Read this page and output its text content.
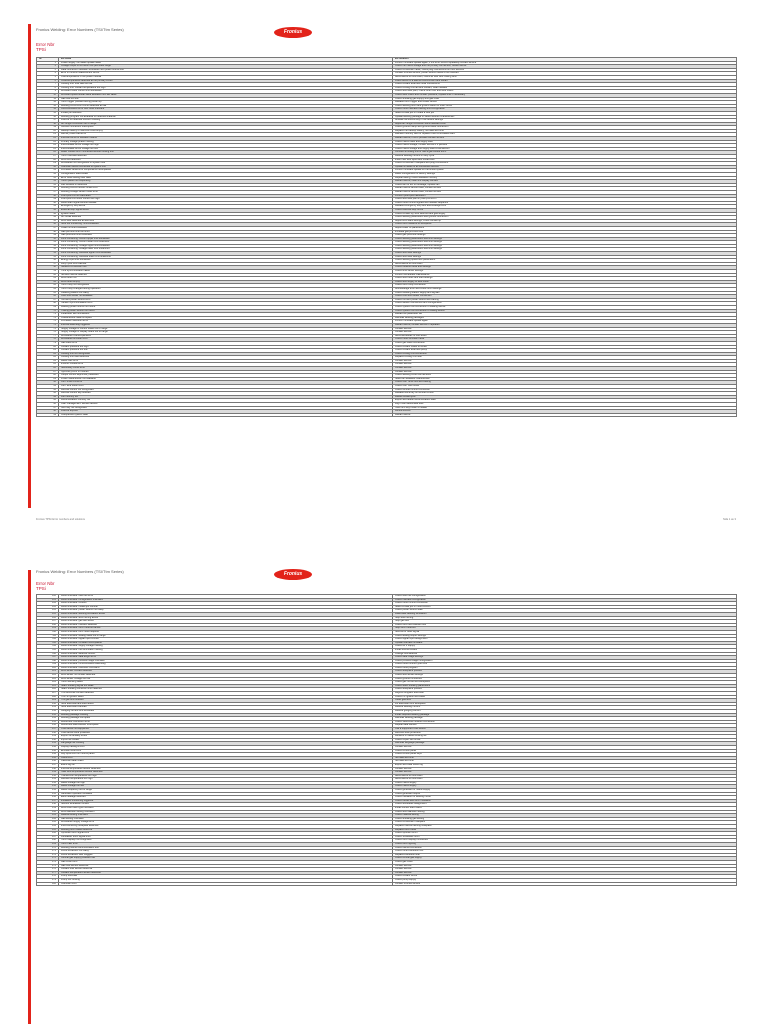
Fronius Welding: Error Numbers (TSI/Ttm Series)	Fronius
Error Nbr
TPSi
Nr	EN Issue	EN Solution
1	Power supply: Firmware update failed	Perform firmware update again; if the error occurs repeatedly contact service
2	Voltage output is not within the permitted range	Check the mains voltage and the primary connection; restart device
3	Data connection between wirefeeder and power source lost	Check connection cable; check plug connections on both devices
4	Error in current measurement circuit	Contact Fronius service; power source needs to be checked
5	Overtemperature in the power module	Allow device to cool down; check air filter and cooling fans
6	Undertemperature detected at the primary circuit	Place device in a warmer environment and restart
7	Cooling unit: flow rate too low	Check coolant level and hose connections
8	Cooling unit: coolant temperature too high	Check cooling unit fan and coolant; clean radiator
9	Wirefeed motor current limit exceeded	Check wire feed path; check inner liner and feed rollers
10	Wirefeed speed actual value deviates from set value	Check feed rollers and contact pressure; replace liner if necessary
11	Gas flow too low	Check shielding gas supply and gas hose
12	Torch trigger pressed during power-up	Release torch trigger and restart device
13	Welding circuit short circuit detected at idle	Check welding torch and ground cable for short circuit
14	Communication error with robot interface	Check robot interface cabling and configuration
15	Invalid job selected	Select a valid job or create a new job
16	Welding program not available for selected material	Update welding package or select another characteristic
17	Licence for selected function missing	Activate the licence key in the device settings
18	Arc length correction out of range	Adjust arc length correction within allowed limits
19	Ground connection interrupted	Check ground clamp and ground cable connection
20	Backup battery of real-time clock empty	Replace the backup battery; set date and time
21	Memory card read error	Reinsert memory card or replace it with a formatted card
22	Internal bus error between boards	Restart device; if error persists contact service
23	Primary voltage phase missing	Check mains fuses and supply lead
24	Intermediate circuit voltage too high	Check mains voltage; contact service if it persists
25	Intermediate circuit voltage too low	Check mains voltage and supply lead cross-section
26	Water cooled torch connected without cooling unit	Connect a cooling unit or use a gas cooled torch
27	Torch overload detected	Reduce welding current or duty cycle
28	Wire end detected	Insert new wire spool and thread wire
29	Wirefeeder not recognised on system bus	Check connection hosepack and plug connections
30	Unknown device connected to system bus	Update firmware of all connected devices
31	Firmware versions of components incompatible	Perform firmware update for the whole system
32	Configuration data invalid	Reset configuration to factory settings
33	Error while saving user data	Repeat saving; check available memory
34	Touch panel not responding	Restart device; clean the display surface
35	Fan blocked or defective	Check fan for dirt or blockage; replace fan
36	Welding current sensor offset error	Restart device without load; contact service
37	Welding voltage sensor offset error	Restart device without load; contact service
38	Push-pull unit not calibrated	Perform push-pull calibration
39	Push-pull unit motor current too high	Check wire feed path in push-pull torch
40	Robot start signal without release	Check robot control signals and release sequence
41	Emergency stop active	Release emergency stop and acknowledge error
42	External stop signal active	Check external stop circuit
43	Ignition failed	Check contact tip, wire stick-out and gas supply
44	Arc break detected	Check welding parameters and ground connection
45	Wire stick detected at weld end	Adjust burn-back settings; check contact tip
46	Stick out monitoring: limit exceeded	Check torch distance to workpiece
47	Crater fill time exceeded	Adjust crater fill parameters
48	Gas pre-flow time too short	Increase gas pre-flow time
49	Gas post-flow time exceeded	Check gas post-flow settings
50	Limit monitoring: current upper limit exceeded	Check welding parameters and limit settings
51	Limit monitoring: current lower limit undershot	Check welding parameters and limit settings
52	Limit monitoring: voltage upper limit exceeded	Check welding parameters and limit settings
53	Limit monitoring: voltage lower limit undershot	Check welding parameters and limit settings
54	Limit monitoring: wirefeed upper limit exceeded	Check wire feed settings
55	Limit monitoring: wirefeed lower limit undershot	Check wire feed settings
56	Energy input limit exceeded	Check welding speed and parameters
57	Duty cycle limit reached	Allow device to cool down
58	Network connection lost	Check network cable and settings
59	Time synchronisation failed	Check time server settings
60	Service interval reached	Perform scheduled maintenance
61	Wire buffer full	Check wire buffer and feed settings
62	Wire buffer empty	Check wire supply to wire buffer
63	Torch body not recognised	Check torch body connection
64	Torch body changed during operation	Acknowledge error and check torch settings
65	Cleaning station not ready	Check cleaning station supply and signals
66	Cold wire feeder not available	Check cold wire feeder connection
67	Hot wire power source error	Check hot wire power source and cabling
68	Tandem synchronisation error	Check tandem connection and configuration
69	Leading power source not found	Check system bus connection to leading device
70	Trailing power source not found	Check system bus connection to trailing device
71	Parameter set inconsistent	Reload the parameter set
72	Characteristic data corrupted	Reinstall welding packages
73	Firmware checksum error	Perform firmware update again
74	Internal watchdog triggered	Restart device; contact service if repeated
75	Supply voltage of control board out of range	Contact service
76	Supply voltage of display board out of range	Contact service
77	Wirefeeder overtemperature	Allow wirefeeder to cool down
78	Wirefeeder encoder error	Check motor encoder cable
79	Gas valve error	Check gas valve connection
80	Coolant pressure too high	Check coolant hoses for kinks
81	Coolant pressure too low	Check coolant level and pump
82	Cooling unit not recognised	Check cooling unit connection
83	Cooling unit fuse defective	Replace cooling unit fuse
84	Mains filter error	Contact service
85	Inverter module error	Contact service
86	Secondary circuit error	Contact service
87	Symmetry error in inverter	Contact service
88	Output current asymmetry detected	Check welding circuit connections
89	Pulse characteristic not available	Select an available characteristic
90	CMT drive unit error	Check CMT drive unit and cabling
91	CMT wire buffer error	Check CMT wire buffer
92	Remote control not recognised	Check remote control connection
93	Remote control key blocked	Release stuck key on remote control
94	Job memory full	Delete unused jobs
95	Documentation memory full	Export and delete documentation data
96	User management: access denied	Log in with authorised user
97	NFC key not recognised	Hold NFC key closer to reader
98	Licence expired	Renew licence
99	Unexpected system state	Restart device
Fronius TPS/i Error numbers and solutions	Side 1 av 3
Fronius Welding: Error Numbers (TSI/Ttm Series)	Fronius
Error Nbr
TPSi
100	Robot interface: field bus error	Check field bus configuration
101	Robot interface: configuration mismatch	Check interface configuration
102	Robot interface: timeout	Check robot control connection
103	Robot interface: invalid job number	Select a valid job on robot control
104	Robot interface: power source not ready	Check power source state
105	Robot interface: welding simulation active	Deactivate welding simulation
106	Robot interface: wire inching active	Stop wire inching
107	Robot interface: gas test active	Stop gas test
108	Robot interface: collision detected	Check torch and collision box
109	Robot interface: torch blow-out active	Stop torch blow-out
110	Robot interface: error reset required	Send error reset signal
111	Robot interface: analog value out of range	Check analog output settings
112	Robot interface: digital input conflict	Check digital input assignment
113	Robot interface: firmware incompatible	Update interface firmware
114	Robot interface: supply voltage missing	Check 24 V supply
115	Robot interface: bus terminator missing	Install bus terminator
116	Robot interface: address conflict	Change bus address
117	Robot interface: data length error	Check data image settings
118	Robot interface: process image mismatch	Check process image configuration
119	Robot interface: communication watchdog	Check robot control cycle time
120	Robot interface: unknown command	Check robot program
121	Wire sense: contact detected	Check workpiece position
122	Wire sense: no contact detected	Check wire sense settings
123	Wire sense: voltage too low	Check ground connection
124	Touch sensing failed	Check gas nozzle and workpiece
125	Seam tracking signal too weak	Check seam tracking parameters
126	Seam tracking correction limit reached	Check workpiece position
127	TIG electrode contact detected	Regrind tungsten electrode
128	TIG HF ignition failed	Check HF ignition and cable
129	TIG gas lens blocked	Clean gas lens
130	Stick electrode anti-stick active	Lift electrode from workpiece
131	Stick electrode overload	Reduce welding current
132	Gouging current limit exceeded	Reduce gouging current
133	Welding package missing	Install required welding package
134	Welding package corrupted	Reinstall welding package
135	WeldCube connection error	Check WeldCube network connection
136	WeldCube data transfer incomplete	Repeat data transfer
137	USB device not supported	Use a supported USB device
138	USB device write protected	Remove write protection
139	Export file already exists	Rename or delete existing file
140	Import file invalid	Check import file format
141	Language file missing	Reinstall language package
142	Display backlight error	Contact service
143	Encoder knob error	Check control panel
144	Key input error on control panel	Check control panel keys
145	Clock error	Set date and time
146	Calendar data invalid	Set date and time
147	Event log full	Export and clear event log
148	Internal temperature sensor defective	Contact service
149	Heat sink temperature sensor defective	Contact service
150	Transformer temperature too high	Allow device to cool down
151	Rectifier temperature too high	Allow device to cool down
152	Mains voltage too high	Check mains supply
153	Mains voltage too low	Check mains supply
154	Mains frequency out of range	Check generator or mains supply
155	Generator operation unstable	Check generator output
156	Earth leakage detected	Check insulation of welding circuit
157	Insulation monitoring triggered	Check cables and torch insulation
158	Second wirefeeder conflict	Check wirefeeder assignment
159	Wire drive roller type mismatch	Install correct feed rollers
160	Wire diameter setting mismatch	Check wire diameter setting
161	Material setting mismatch	Check material setting
162	Gas setting mismatch	Check shielding gas setting
163	Wirefeeder supply voltage error	Check connection hosepack
164	Interconnecting hosepack defective	Replace interconnecting hosepack
165	Welding torch cable defective	Replace torch cable
166	Up/Down torch signal error	Check up/down torch
167	JobMaster torch signal error	Check JobMaster torch
168	Torch display not recognised	Check torch display connection
169	Torch LED error	Check torch lighting
170	Welding helmet communication lost	Check helmet connection
171	Fume extraction not ready	Check fume extraction unit
172	Fume extraction filter clogged	Replace extraction filter
173	Central gas supply pressure low	Check central gas supply
174	Gas mixer error	Check gas mixer
175	Gas flow sensor defective	Contact service
176	Coolant flow sensor defective	Contact service
177	Coolant temperature sensor defective	Contact service
178	Pump overload	Check coolant circuit
179	Pump not running	Check pump supply
180	Unknown error	Contact Fronius service
